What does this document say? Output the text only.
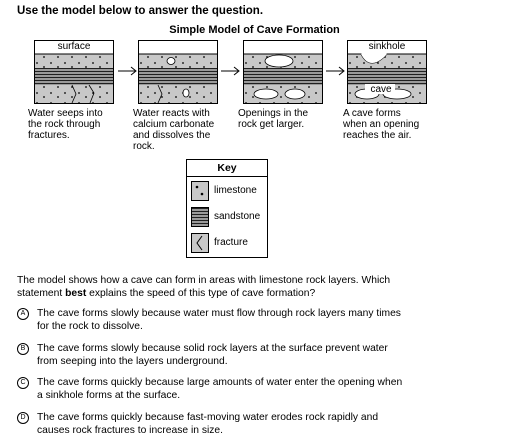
Use the model below to answer the question.
Simple Model of Cave Formation
surface	sinkhole
cave
Water seeps into
the rock through
fractures.
Water reacts with
calcium carbonate
and dissolves the
rock.
Openings in the
rock get larger.
A cave forms
when an opening
reaches the air.
Key
limestone
sandstone
fracture
The model shows how a cave can form in areas with limestone rock layers. Which
statement best explains the speed of this type of cave formation?
A	The cave forms slowly because water must flow through rock layers many times
for the rock to dissolve.
B	The cave forms slowly because solid rock layers at the surface prevent water
from seeping into the layers underground.
C	The cave forms quickly because large amounts of water enter the opening when
a sinkhole forms at the surface.
D	The cave forms quickly because fast-moving water erodes rock rapidly and
causes rock fractures to increase in size.
